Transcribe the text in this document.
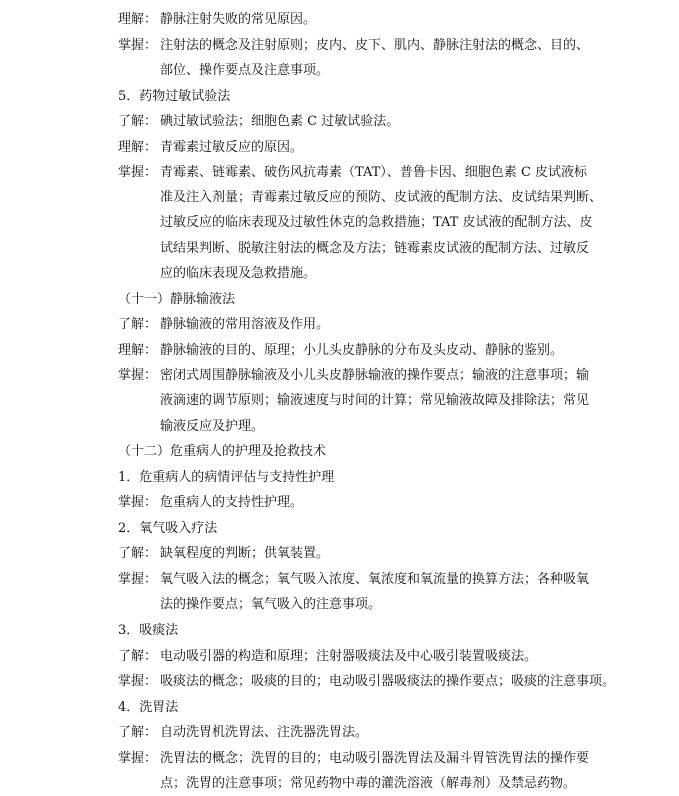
理解： 静脉注射失败的常见原因。
掌握： 注射法的概念及注射原则；皮内、皮下、肌内、静脉注射法的概念、目的、
部位、操作要点及注意事项。
5．药物过敏试验法
了解： 碘过敏试验法；细胞色素 C 过敏试验法。
理解： 青霉素过敏反应的原因。
掌握： 青霉素、链霉素、破伤风抗毒素（TAT）、普鲁卡因、细胞色素 C 皮试液标
准及注入剂量；青霉素过敏反应的预防、皮试液的配制方法、皮试结果判断、
过敏反应的临床表现及过敏性休克的急救措施；TAT 皮试液的配制方法、皮
试结果判断、脱敏注射法的概念及方法；链霉素皮试液的配制方法、过敏反
应的临床表现及急救措施。
（十一）静脉输液法
了解： 静脉输液的常用溶液及作用。
理解： 静脉输液的目的、原理；小儿头皮静脉的分布及头皮动、静脉的鉴别。
掌握： 密闭式周围静脉输液及小儿头皮静脉输液的操作要点；输液的注意事项；输
液滴速的调节原则；输液速度与时间的计算；常见输液故障及排除法；常见
输液反应及护理。
（十二）危重病人的护理及抢救技术
1．危重病人的病情评估与支持性护理
掌握： 危重病人的支持性护理。
2．氧气吸入疗法
了解： 缺氧程度的判断；供氧装置。
掌握： 氧气吸入法的概念；氧气吸入浓度、氧浓度和氧流量的换算方法；各种吸氧
法的操作要点；氧气吸入的注意事项。
3．吸痰法
了解： 电动吸引器的构造和原理；注射器吸痰法及中心吸引装置吸痰法。
掌握： 吸痰法的概念；吸痰的目的；电动吸引器吸痰法的操作要点；吸痰的注意事项。
4．洗胃法
了解： 自动洗胃机洗胃法、注洗器洗胃法。
掌握： 洗胃法的概念；洗胃的目的；电动吸引器洗胃法及漏斗胃管洗胃法的操作要
点；洗胃的注意事项；常见药物中毒的灌洗溶液（解毒剂）及禁忌药物。
